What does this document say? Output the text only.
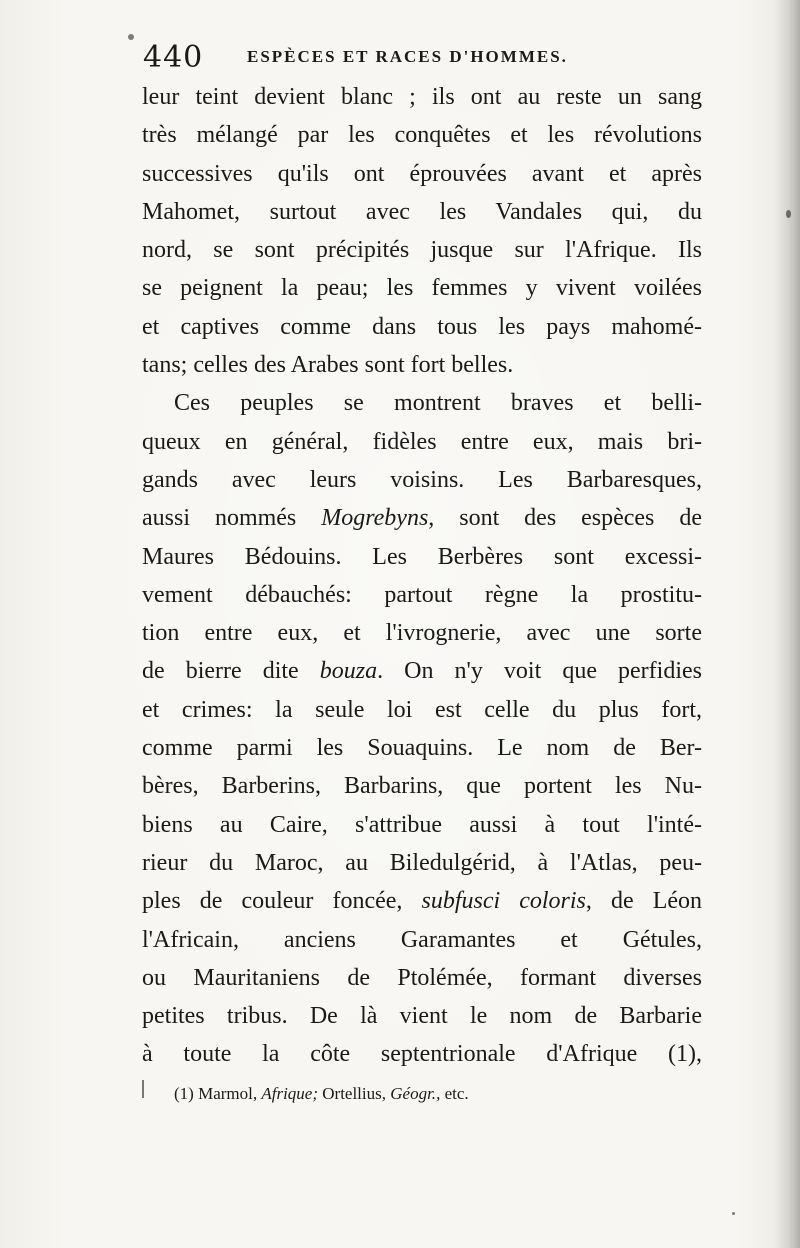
440	ESPÈCES ET RACES D'HOMMES.
leur teint devient blanc ; ils ont au reste un sang
très mélangé par les conquêtes et les révolutions
successives qu'ils ont éprouvées avant et après
Mahomet, surtout avec les Vandales qui, du
nord, se sont précipités jusque sur l'Afrique. Ils
se peignent la peau; les femmes y vivent voilées
et captives comme dans tous les pays mahomé-
tans; celles des Arabes sont fort belles.
Ces peuples se montrent braves et belli-
queux en général, fidèles entre eux, mais bri-
gands avec leurs voisins. Les Barbaresques,
aussi nommés Mogrebyns, sont des espèces de
Maures Bédouins. Les Berbères sont excessi-
vement débauchés: partout règne la prostitu-
tion entre eux, et l'ivrognerie, avec une sorte
de bierre dite bouza. On n'y voit que perfidies
et crimes: la seule loi est celle du plus fort,
comme parmi les Souaquins. Le nom de Ber-
bères, Barberins, Barbarins, que portent les Nu-
biens au Caire, s'attribue aussi à tout l'inté-
rieur du Maroc, au Biledulgérid, à l'Atlas, peu-
ples de couleur foncée, subfusci coloris, de Léon
l'Africain, anciens Garamantes et Gétules,
ou Mauritaniens de Ptolémée, formant diverses
petites tribus. De là vient le nom de Barbarie
à toute la côte septentrionale d'Afrique (1),
(1) Marmol, Afrique; Ortellius, Géogr., etc.
